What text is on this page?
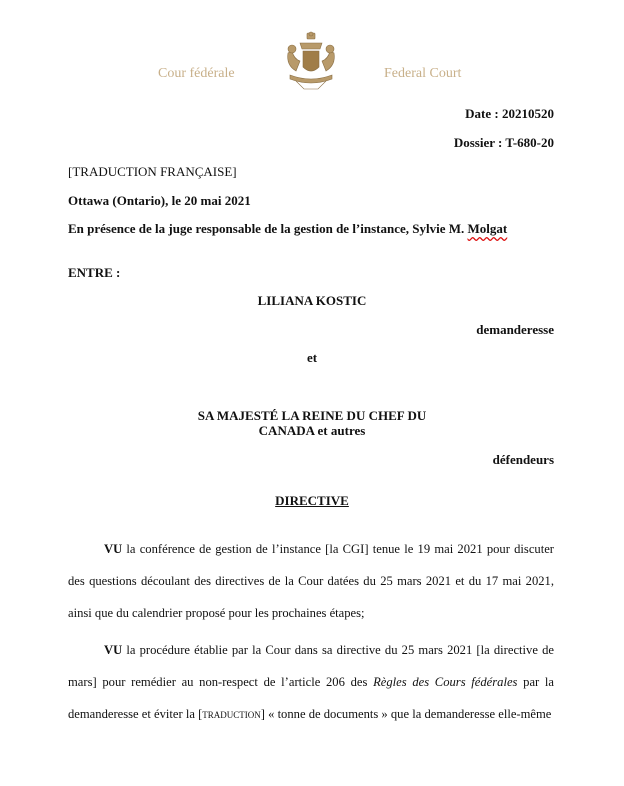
Cour fédérale	Federal Court
Date : 20210520
Dossier : T-680-20
[TRADUCTION FRANÇAISE]
Ottawa (Ontario), le 20 mai 2021
En présence de la juge responsable de la gestion de l’instance, Sylvie M. Molgat
ENTRE :
LILIANA KOSTIC
demanderesse
et
SA MAJESTÉ LA REINE DU CHEF DU
CANADA et autres
défendeurs
DIRECTIVE

VU la conférence de gestion de l’instance [la CGI] tenue le 19 mai 2021 pour discuter des questions découlant des directives de la Cour datées du 25 mars 2021 et du 17 mai 2021, ainsi que du calendrier proposé pour les prochaines étapes;

VU la procédure établie par la Cour dans sa directive du 25 mars 2021 [la directive de mars] pour remédier au non-respect de l’article 206 des Règles des Cours fédérales par la demanderesse et éviter la [traduction] « tonne de documents » que la demanderesse elle-même
